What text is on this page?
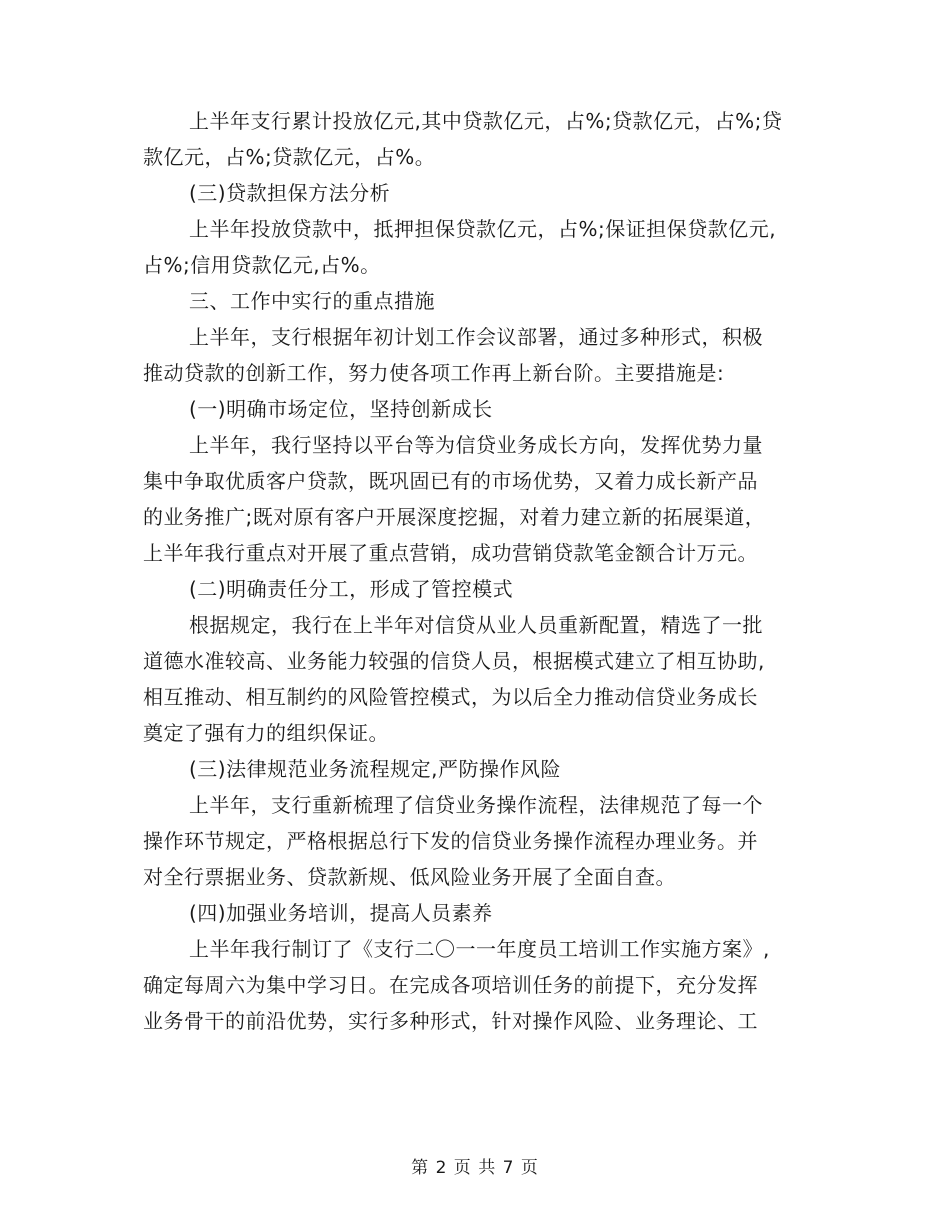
上半年支行累计投放亿元,其中贷款亿元，占%;贷款亿元，占%;贷
款亿元，占%;贷款亿元，占%。
(三)贷款担保方法分析
上半年投放贷款中，抵押担保贷款亿元，占%;保证担保贷款亿元,
占%;信用贷款亿元,占%。
三、工作中实行的重点措施
上半年，支行根据年初计划工作会议部署，通过多种形式，积极
推动贷款的创新工作，努力使各项工作再上新台阶。主要措施是:
(一)明确市场定位，坚持创新成长
上半年，我行坚持以平台等为信贷业务成长方向，发挥优势力量
集中争取优质客户贷款，既巩固已有的市场优势，又着力成长新产品
的业务推广;既对原有客户开展深度挖掘，对着力建立新的拓展渠道，
上半年我行重点对开展了重点营销，成功营销贷款笔金额合计万元。
(二)明确责任分工，形成了管控模式
根据规定，我行在上半年对信贷从业人员重新配置，精选了一批
道德水准较高、业务能力较强的信贷人员，根据模式建立了相互协助,
相互推动、相互制约的风险管控模式，为以后全力推动信贷业务成长
奠定了强有力的组织保证。
(三)法律规范业务流程规定,严防操作风险
上半年，支行重新梳理了信贷业务操作流程，法律规范了每一个
操作环节规定，严格根据总行下发的信贷业务操作流程办理业务。并
对全行票据业务、贷款新规、低风险业务开展了全面自查。
(四)加强业务培训，提高人员素养
上半年我行制订了《支行二〇一一年度员工培训工作实施方案》,
确定每周六为集中学习日。在完成各项培训任务的前提下，充分发挥
业务骨干的前沿优势，实行多种形式，针对操作风险、业务理论、工
第 2 页 共 7 页
